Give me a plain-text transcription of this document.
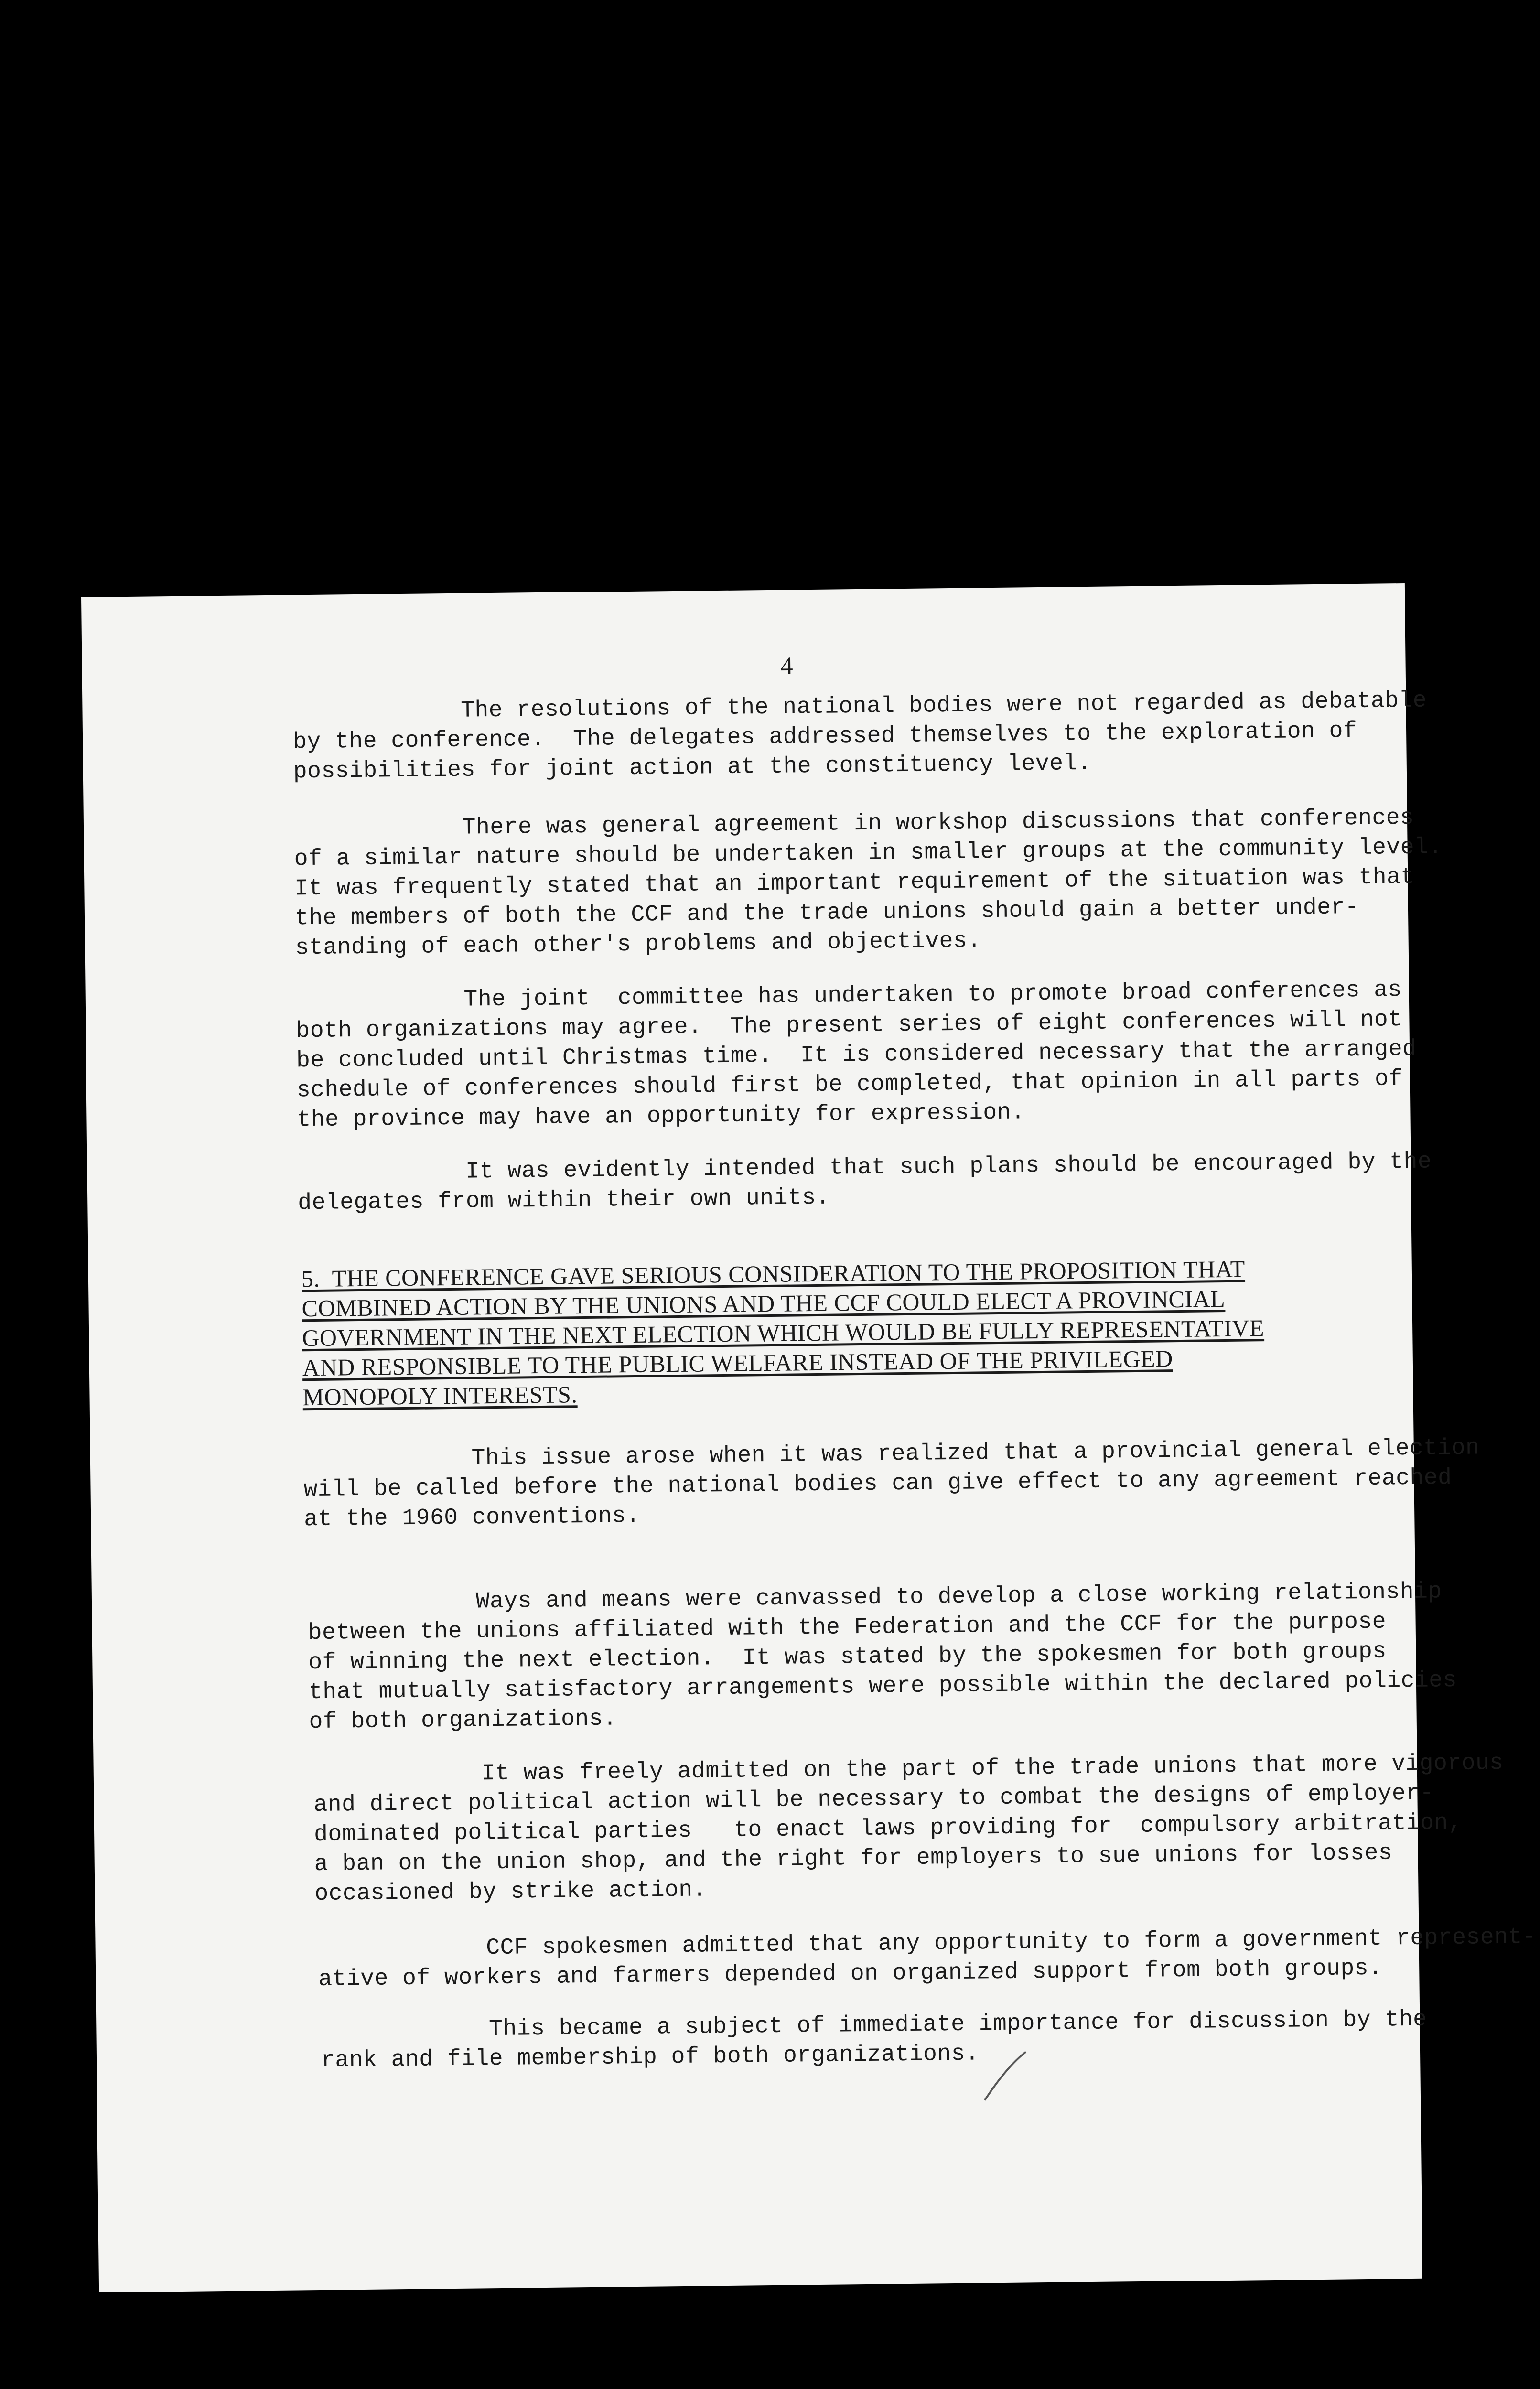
4
The resolutions of the national bodies were not regarded as debatable
by the conference.  The delegates addressed themselves to the exploration of
possibilities for joint action at the constituency level.
There was general agreement in workshop discussions that conferences
of a similar nature should be undertaken in smaller groups at the community level.
It was frequently stated that an important requirement of the situation was that
the members of both the CCF and the trade unions should gain a better under-
standing of each other's problems and objectives.
The joint  committee has undertaken to promote broad conferences as
both organizations may agree.  The present series of eight conferences will not
be concluded until Christmas time.  It is considered necessary that the arranged
schedule of conferences should first be completed, that opinion in all parts of
the province may have an opportunity for expression.
It was evidently intended that such plans should be encouraged by the
delegates from within their own units.
5.  THE CONFERENCE GAVE SERIOUS CONSIDERATION TO THE PROPOSITION THAT
COMBINED ACTION BY THE UNIONS AND THE CCF COULD ELECT A PROVINCIAL
GOVERNMENT IN THE NEXT ELECTION WHICH WOULD BE FULLY REPRESENTATIVE
AND RESPONSIBLE TO THE PUBLIC WELFARE INSTEAD OF THE PRIVILEGED
MONOPOLY INTERESTS.
This issue arose when it was realized that a provincial general election
will be called before the national bodies can give effect to any agreement reached
at the 1960 conventions.
Ways and means were canvassed to develop a close working relationship
between the unions affiliated with the Federation and the CCF for the purpose
of winning the next election.  It was stated by the spokesmen for both groups
that mutually satisfactory arrangements were possible within the declared policies
of both organizations.
It was freely admitted on the part of the trade unions that more vigorous
and direct political action will be necessary to combat the designs of employer-
dominated political parties   to enact laws providing for  compulsory arbitration,
a ban on the union shop, and the right for employers to sue unions for losses
occasioned by strike action.
CCF spokesmen admitted that any opportunity to form a government represent-
ative of workers and farmers depended on organized support from both groups.
This became a subject of immediate importance for discussion by the
rank and file membership of both organizations.
